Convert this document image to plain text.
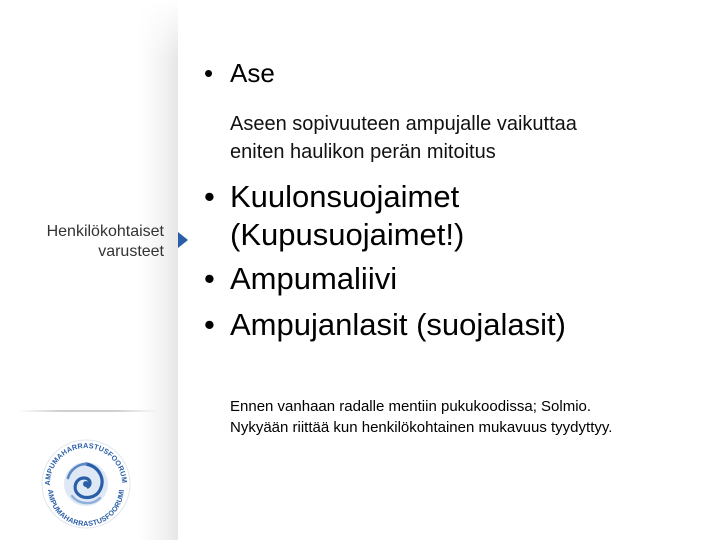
Henkilökohtaiset
varusteet
AMPUMAHARRASTUSFOORUM
AMPUMAHARRASTUSFOORUMI
• Ase
Aseen sopivuuteen ampujalle vaikuttaa
eniten haulikon perän mitoitus
• Kuulonsuojaimet
(Kupusuojaimet!)
• Ampumaliivi
• Ampujanlasit (suojalasit)
Ennen vanhaan radalle mentiin pukukoodissa; Solmio.
Nykyään riittää kun henkilökohtainen mukavuus tyydyttyy.
